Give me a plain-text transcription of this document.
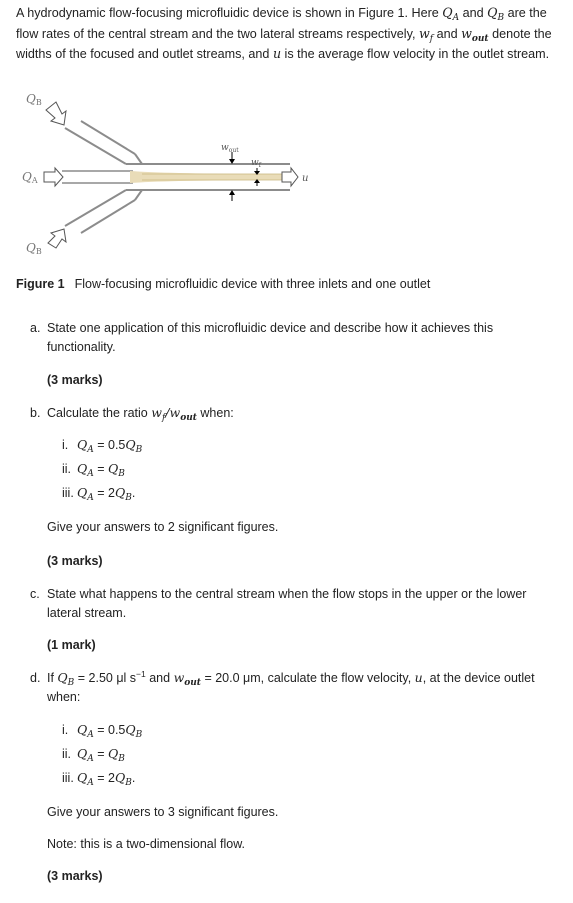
A hydrodynamic flow-focusing microfluidic device is shown in Figure 1. Here $Q_A$ and $Q_B$ are the flow rates of the central stream and the two lateral streams respectively, $w_f$ and $w_{out}$ denote the widths of the focused and outlet streams, and u is the average flow velocity in the outlet stream.
QB
QA
QB
$w_{out}$
$w_f$
u
Figure 1 Flow-focusing microfluidic device with three inlets and one outlet
a. State one application of this microfluidic device and describe how it achieves this functionality.
(3 marks)
b. Calculate the ratio $w_f/w_{out}$ when:
i. $Q_A = 0.5Q_B$
ii. $Q_A = Q_B$
iii. $Q_A = 2Q_B$.
Give your answers to 2 significant figures.
(3 marks)
c. State what happens to the central stream when the flow stops in the upper or the lower lateral stream.
(1 mark)
d. If $Q_B = 2.50$ μl $s^{-1}$ and $w_{out} = 20.0$ μm, calculate the flow velocity, u, at the device outlet when:
i. $Q_A = 0.5Q_B$
ii. $Q_A = Q_B$
iii. $Q_A = 2Q_B$.
Give your answers to 3 significant figures.
Note: this is a two-dimensional flow.
(3 marks)
